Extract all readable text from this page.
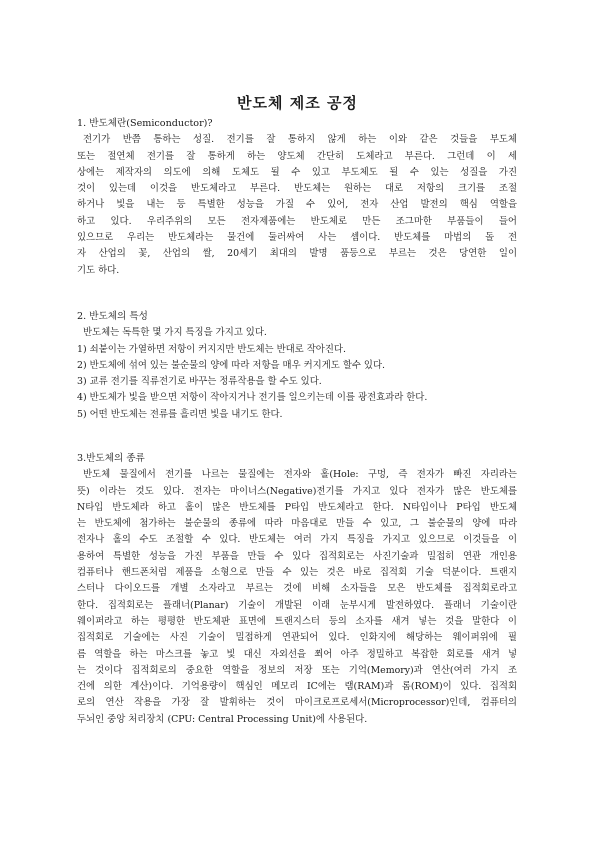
반도체 제조 공정
1. 반도체란(Semiconductor)?
전기가 반쯤 통하는 성질. 전기를 잘 통하지 않게 하는 이와 같은 것들을 부도체
또는 절연체 전기를 잘 통하게 하는 양도체 간단히 도체라고 부른다. 그런데 이 세
상에는 제작자의 의도에 의해 도체도 될 수 있고 부도체도 될 수 있는 성질을 가진
것이 있는데 이것을 반도체라고 부른다. 반도체는 원하는 대로 저항의 크기를 조절
하거나 빛을 내는 등 특별한 성능을 가질 수 있어, 전자 산업 발전의 핵심 역할을
하고 있다. 우리주위의 모든 전자제품에는 반도체로 만든 조그마한 부품들이 들어
있으므로 우리는 반도체라는 물건에 둘러싸여 사는 셈이다. 반도체를 마법의 돌 전
자 산업의 꽃, 산업의 쌀, 20세기 최대의 발명 품등으로 부르는 것은 당연한 일이
기도 하다.
2. 반도체의 특성
반도체는 독특한 몇 가지 특징을 가지고 있다.
1) 쇠붙이는 가열하면 저항이 커지지만 반도체는 반대로 작아진다.
2) 반도체에 섞여 있는 불순물의 양에 따라 저항을 매우 커지게도 할수 있다.
3) 교류 전기를 직류전기로 바꾸는 정류작용을 할 수도 있다.
4) 반도체가 빛을 받으면 저항이 작아지거나 전기를 일으키는데 이를 광전효과라 한다.
5) 어떤 반도체는 전류를 흘리면 빛을 내기도 한다.
3.반도체의 종류
반도체 물질에서 전기를 나르는 물질에는 전자와 홀(Hole: 구멍, 즉 전자가 빠진 자리라는
뜻) 이라는 것도 있다. 전자는 마이너스(Negative)전기를 가지고 있다 전자가 많은 반도체를
N타입 반도체라 하고 홀이 많은 반도체를 P타입 반도체라고 한다. N타입이나 P타입 반도체
는 반도체에 첨가하는 불순물의 종류에 따라 마음대로 만들 수 있고, 그 불순물의 양에 따라
전자나 홀의 수도 조절할 수 있다. 반도체는 여러 가지 특징을 가지고 있으므로 이것들을 이
용하여 특별한 성능을 가진 부품을 만들 수 있다 집적회로는 사진기술과 밀접히 연관 개인용
컴퓨터나 핸드폰처럼 제품을 소형으로 만들 수 있는 것은 바로 집적회 기술 덕분이다. 트랜지
스터나 다이오드를 개별 소자라고 부르는 것에 비해 소자들을 모은 반도체를 집적회로라고
한다. 집적회로는 플래너(Planar) 기술이 개발된 이래 눈부시게 발전하였다. 플래너 기술이란
웨이퍼라고 하는 평평한 반도체판 표면에 트랜지스터 등의 소자를 새겨 넣는 것을 말한다 이
집적회로 기술에는 사진 기술이 밀접하게 연관되어 있다. 인화지에 해당하는 웨이퍼위에 필
름 역할을 하는 마스크를 놓고 빛 대신 자외선을 쬐어 아주 정밀하고 복잡한 회로를 새겨 넣
는 것이다 집적회로의 중요한 역할을 정보의 저장 또는 기억(Memory)과 연산(여러 가지 조
건에 의한 계산)이다. 기억용량이 핵심인 메모리 IC에는 램(RAM)과 롬(ROM)이 있다. 집적회
로의 연산 작용을 가장 잘 발휘하는 것이 마이크로프로세서(Microprocessor)인데, 컴퓨터의
두뇌인 중앙 처리장치 (CPU: Central Processing Unit)에 사용된다.
